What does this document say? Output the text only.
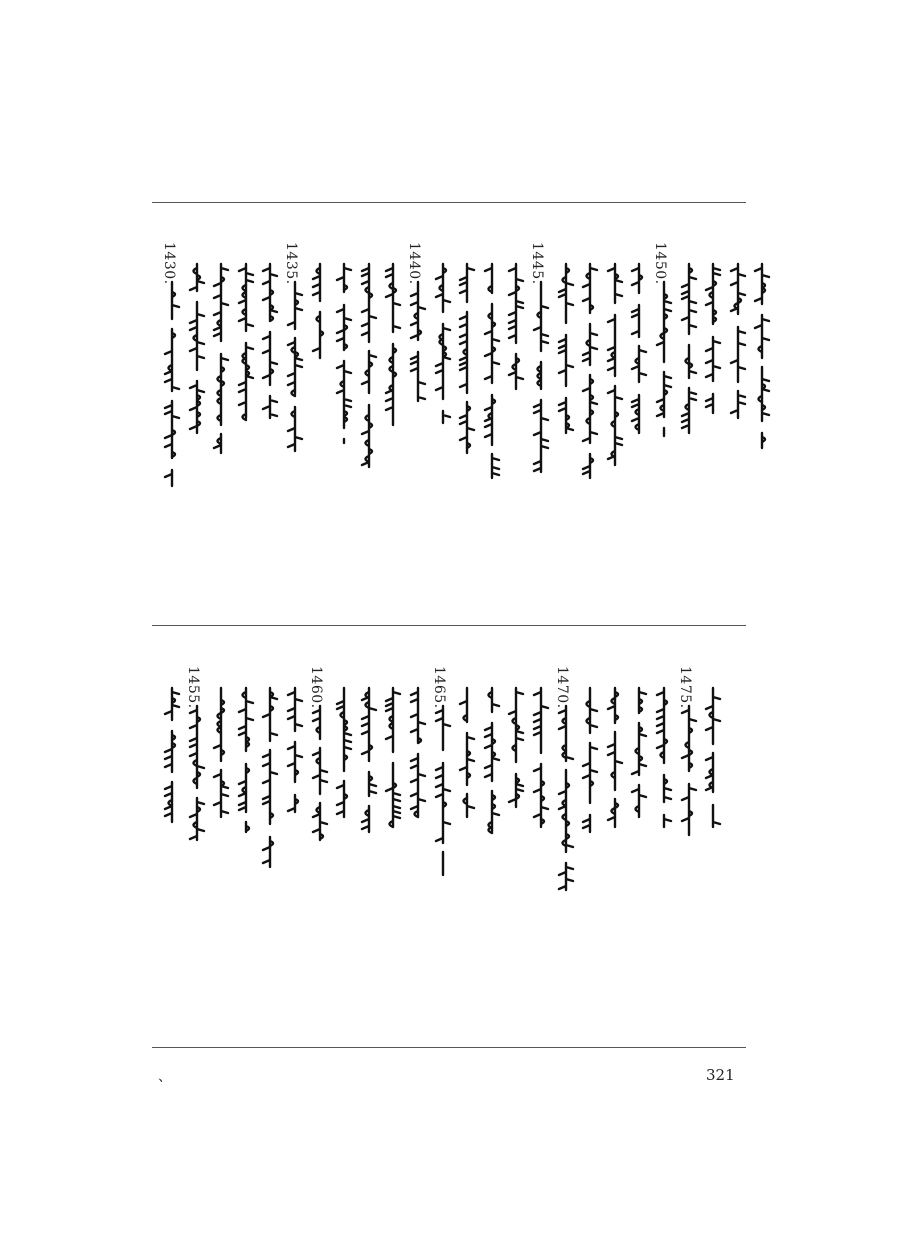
1430.	1435.	1440.	1445.	1450.
1455.	1460.	1465.	1470.	1475.
、	321
